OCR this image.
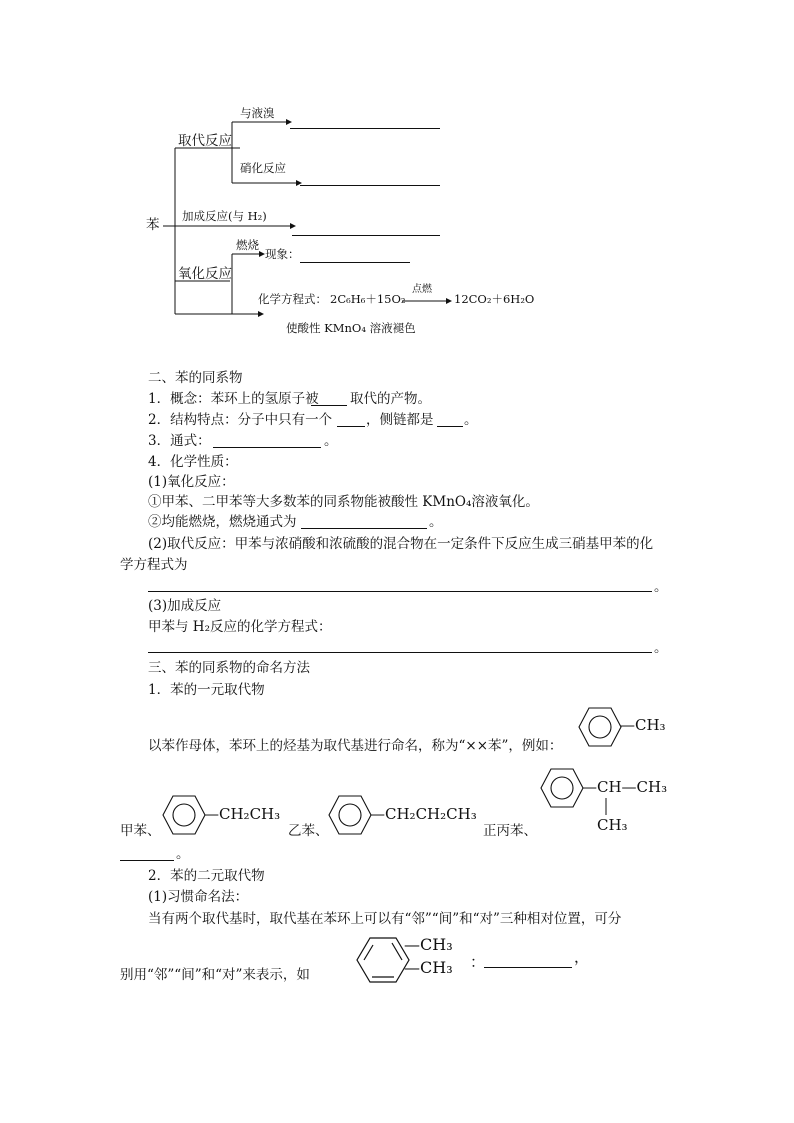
苯
取代反应
与液溴
硝化反应
加成反应(与 H₂)
氧化反应
燃烧
现象：
化学方程式： 2C₆H₆＋15O₂
点燃
12CO₂＋6H₂O
使酸性 KMnO₄ 溶液褪色
二、苯的同系物
1．概念：苯环上的氢原子被 取代的产物。
2．结构特点：分子中只有一个	，侧链都是 。
3．通式：	。
4．化学性质：
(1)氧化反应：
①甲苯、二甲苯等大多数苯的同系物能被酸性 KMnO₄溶液氧化。
②均能燃烧，燃烧通式为	。
(2)取代反应：甲苯与浓硝酸和浓硫酸的混合物在一定条件下反应生成三硝基甲苯的化
学方程式为
。
(3)加成反应
甲苯与 H₂反应的化学方程式：
。
三、苯的同系物的命名方法
1．苯的一元取代物
以苯作母体，苯环上的烃基为取代基进行命名，称为“××苯”，例如：
—CH₃
—CH₂CH₃	—CH₂CH₂CH₃
—CH—CH₃
CH₃
甲苯、	乙苯、	正丙苯、
。
2．苯的二元取代物
(1)习惯命名法：
当有两个取代基时，取代基在苯环上可以有“邻”“间”和“对”三种相对位置，可分
—CH₃
—CH₃
别用“邻”“间”和“对”来表示，如
：	，
